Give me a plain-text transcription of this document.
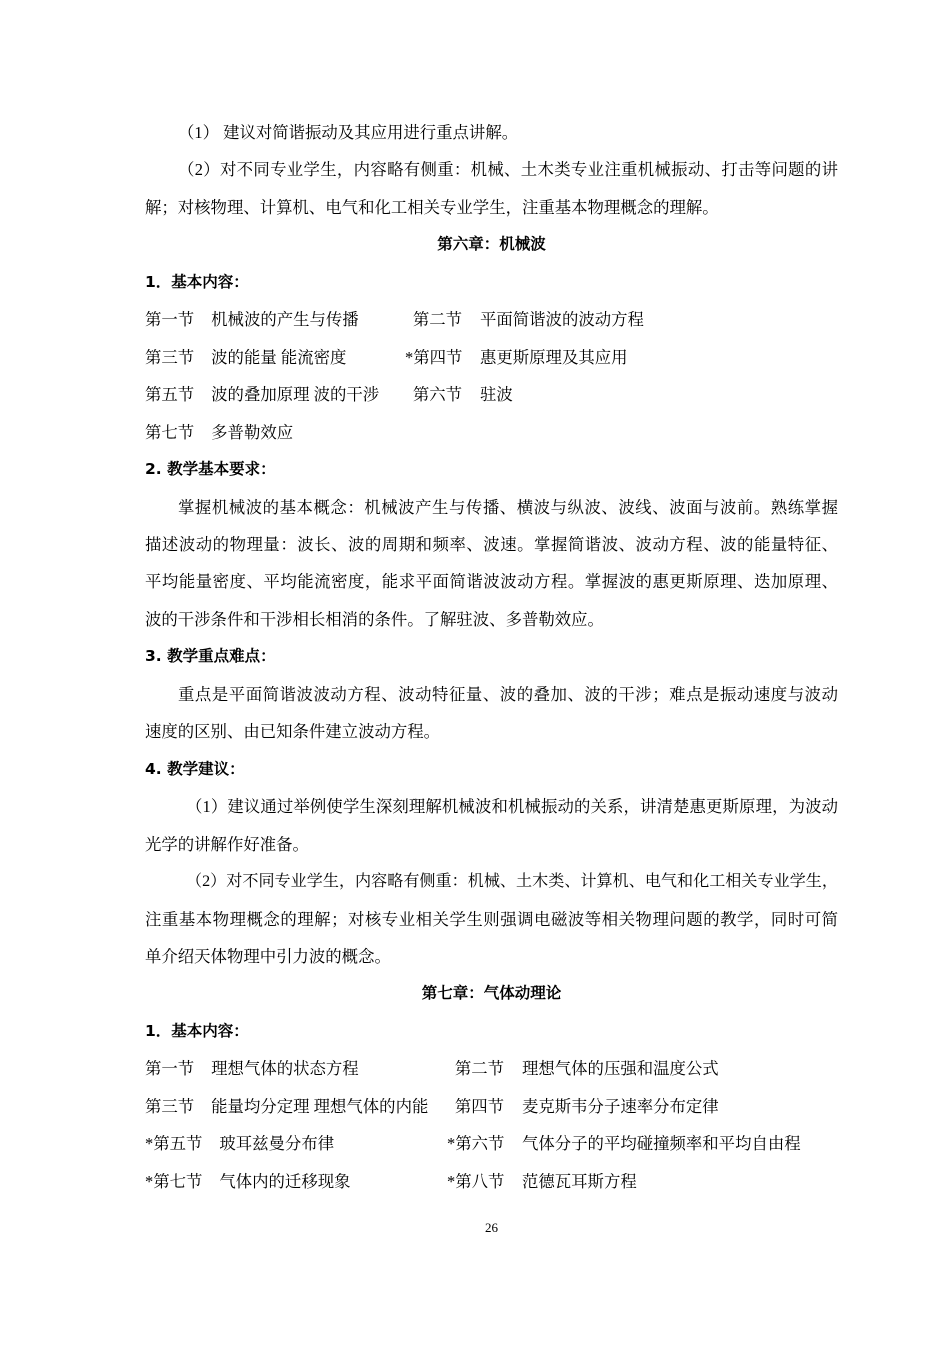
（1） 建议对简谐振动及其应用进行重点讲解。
（2）对不同专业学生，内容略有侧重：机械、土木类专业注重机械振动、打击等问题的讲
解；对核物理、计算机、电气和化工相关专业学生，注重基本物理概念的理解。
第六章：机械波
1．基本内容：
第一节 机械波的产生与传播	第二节 平面简谐波的波动方程
第三节 波的能量 能流密度	*第四节 惠更斯原理及其应用
第五节 波的叠加原理 波的干涉	第六节 驻波
第七节 多普勒效应
2. 教学基本要求：
掌握机械波的基本概念：机械波产生与传播、横波与纵波、波线、波面与波前。熟练掌握
描述波动的物理量：波长、波的周期和频率、波速。掌握简谐波、波动方程、波的能量特征、
平均能量密度、平均能流密度，能求平面简谐波波动方程。掌握波的惠更斯原理、迭加原理、
波的干涉条件和干涉相长相消的条件。了解驻波、多普勒效应。
3. 教学重点难点：
重点是平面简谐波波动方程、波动特征量、波的叠加、波的干涉；难点是振动速度与波动
速度的区别、由已知条件建立波动方程。
4. 教学建议：
（1）建议通过举例使学生深刻理解机械波和机械振动的关系，讲清楚惠更斯原理，为波动
光学的讲解作好准备。
（2）对不同专业学生，内容略有侧重：机械、土木类、计算机、电气和化工相关专业学生，
注重基本物理概念的理解；对核专业相关学生则强调电磁波等相关物理问题的教学，同时可简
单介绍天体物理中引力波的概念。
第七章：气体动理论
1．基本内容：
第一节 理想气体的状态方程	第二节 理想气体的压强和温度公式
第三节 能量均分定理 理想气体的内能	第四节 麦克斯韦分子速率分布定律
*第五节 玻耳兹曼分布律	*第六节 气体分子的平均碰撞频率和平均自由程
*第七节 气体内的迁移现象	*第八节 范德瓦耳斯方程
26
